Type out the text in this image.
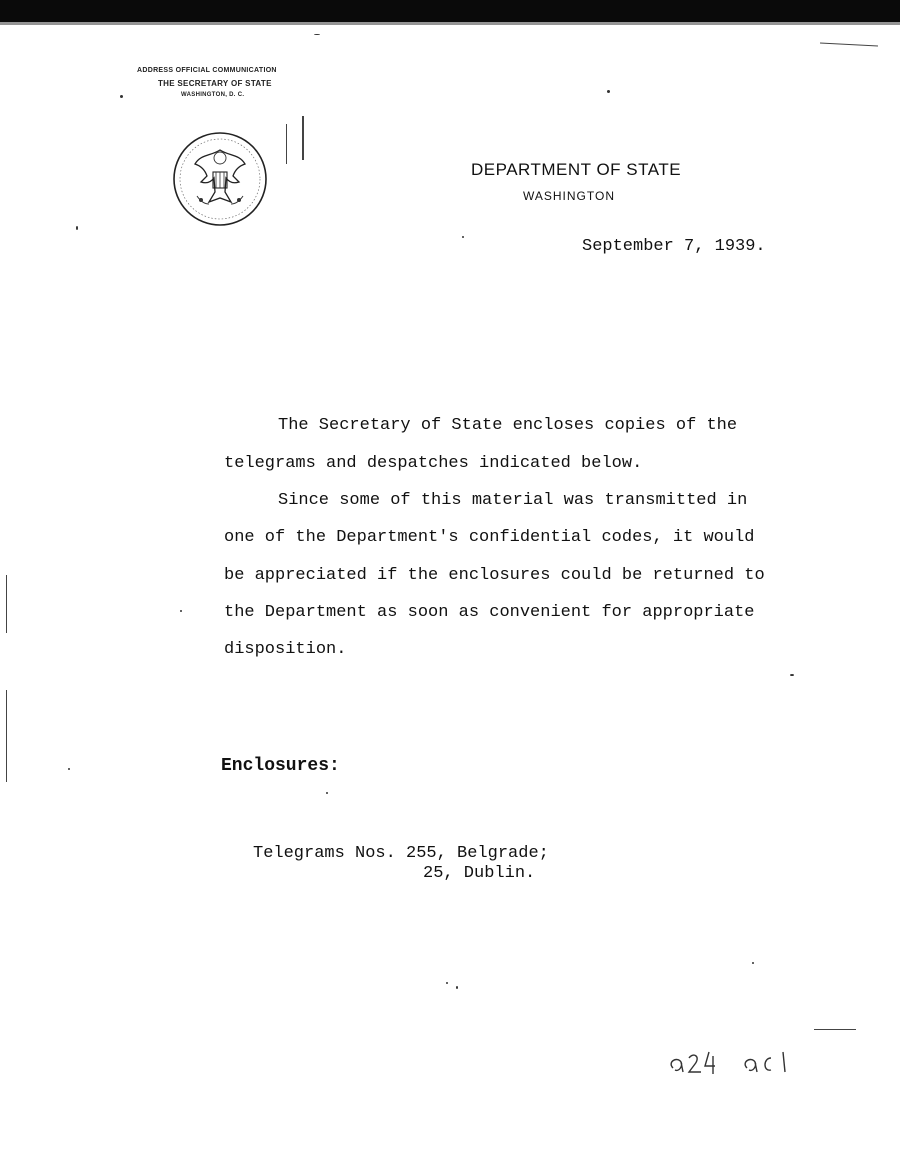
ADDRESS OFFICIAL COMMUNICATION
THE SECRETARY OF STATE
WASHINGTON, D. C.
DEPARTMENT OF STATE
WASHINGTON
September 7, 1939.
The Secretary of State encloses copies of the
telegrams and despatches indicated below.
Since some of this material was transmitted in
one of the Department's confidential codes, it would
be appreciated if the enclosures could be returned to
the Department as soon as convenient for appropriate
disposition.
Enclosures:
Telegrams Nos. 255, Belgrade;
25, Dublin.
